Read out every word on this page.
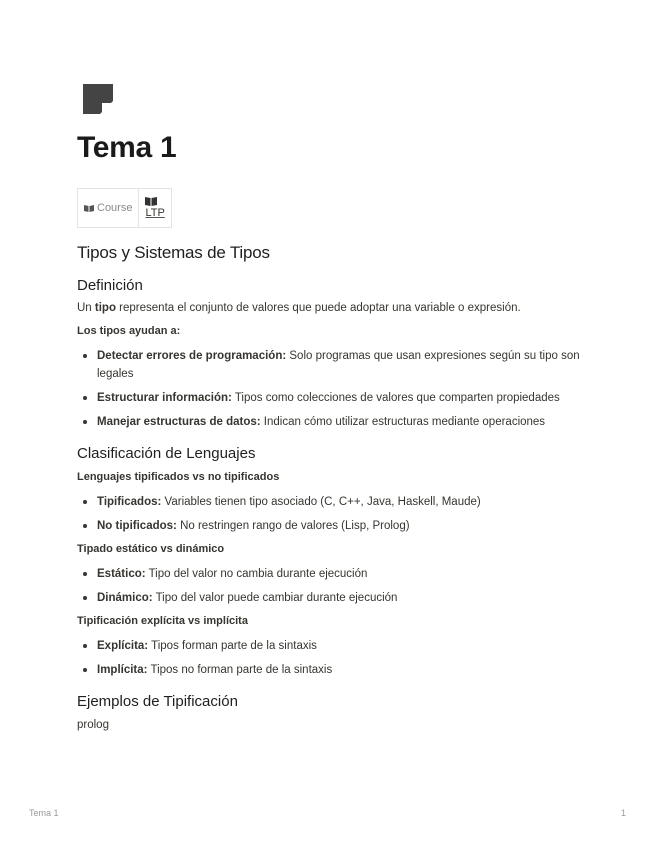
Tema 1
Course	LTP
Tipos y Sistemas de Tipos
Definición

Un tipo representa el conjunto de valores que puede adoptar una variable o expresión.

Los tipos ayudan a:

Detectar errores de programación: Solo programas que usan expresiones según su tipo son legales
Estructurar información: Tipos como colecciones de valores que comparten propiedades
Manejar estructuras de datos: Indican cómo utilizar estructuras mediante operaciones
Clasificación de Lenguajes

Lenguajes tipificados vs no tipificados

Tipificados: Variables tienen tipo asociado (C, C++, Java, Haskell, Maude)
No tipificados: No restringen rango de valores (Lisp, Prolog)

Tipado estático vs dinámico

Estático: Tipo del valor no cambia durante ejecución
Dinámico: Tipo del valor puede cambiar durante ejecución

Tipificación explícita vs implícita

Explícita: Tipos forman parte de la sintaxis
Implícita: Tipos no forman parte de la sintaxis
Ejemplos de Tipificación

prolog

Tema 1	1
